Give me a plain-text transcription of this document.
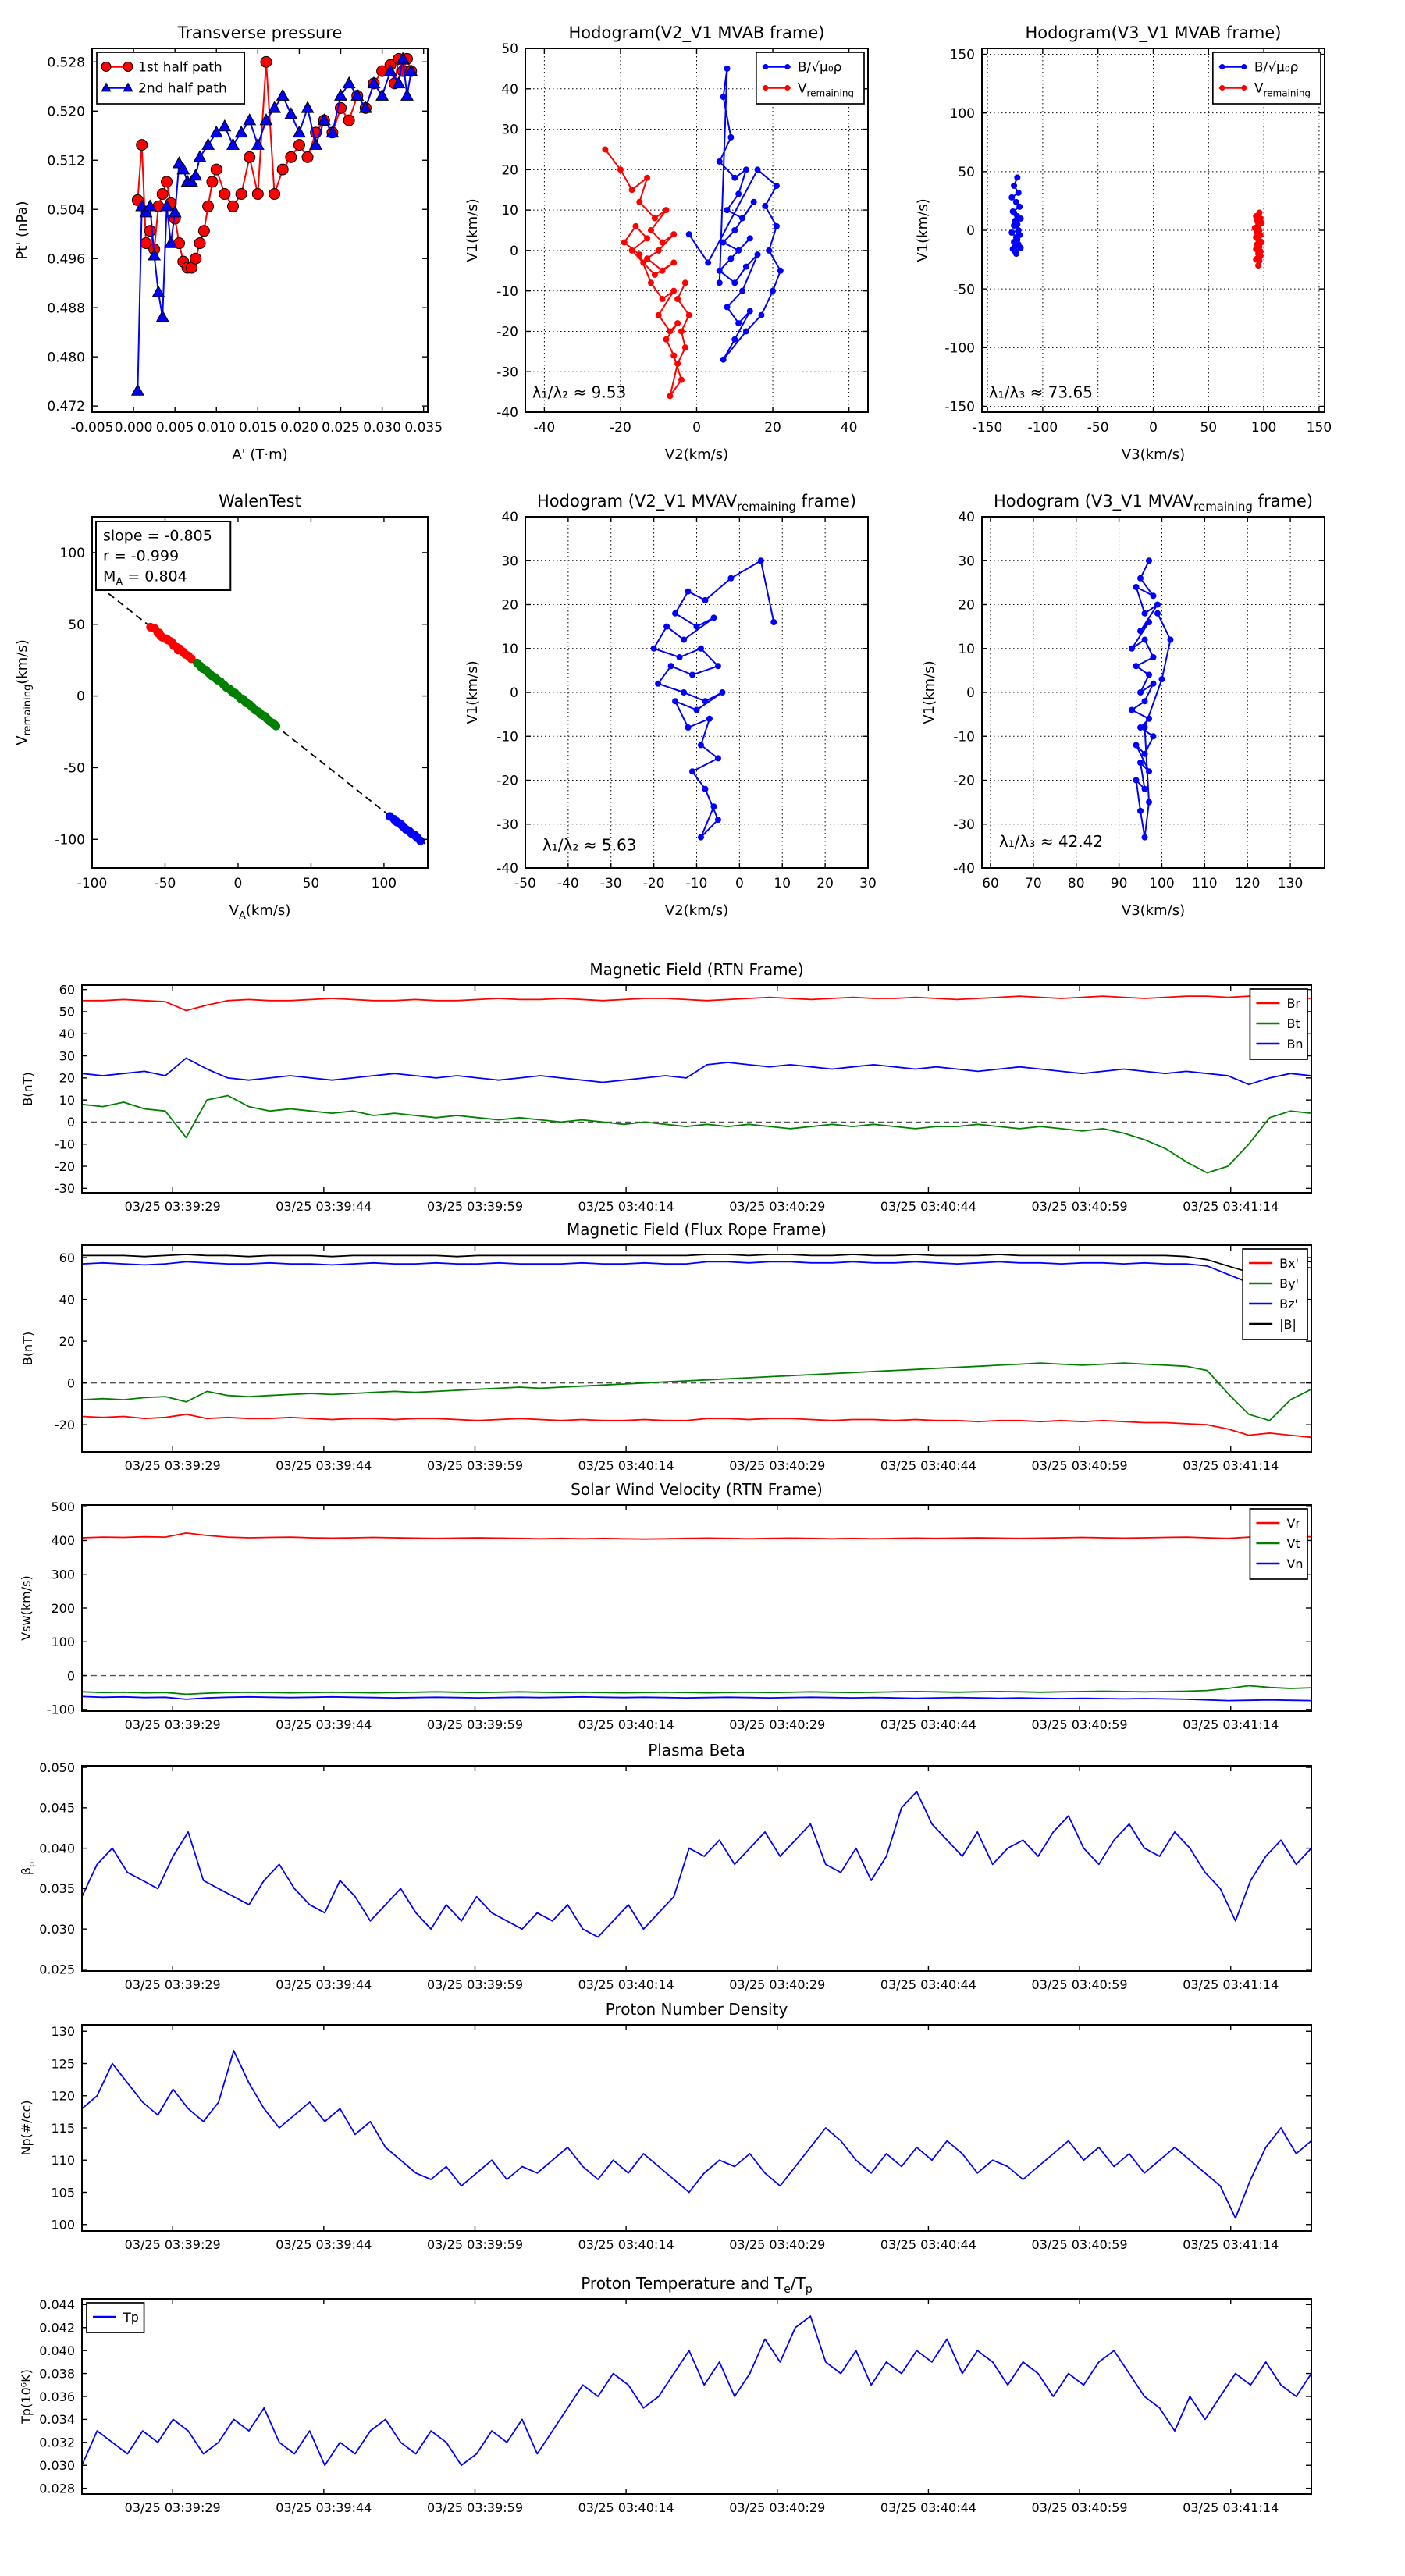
-0.005 0.000 0.005 0.010 0.015 0.020 0.025 0.030 0.035
0.472
0.480
0.488
0.496
0.504
0.512
0.520
0.528
Transverse pressure
A' (T·m)
Pt' (nPa)
1st half path
2nd half path
-40	-20	0	20	40
-40
-30
-20
-10
0
10
20
30
40
50
Hodogram(V2_V1 MVAB frame)
V2(km/s)
V1(km/s)
B/√μ₀ρ
$V_{remaining}$
λ₁/λ₂ ≈ 9.53
-150 -100 -50	0	50	100 150
-150
-100
-50
0
50
100
150
Hodogram(V3_V1 MVAB frame)
V3(km/s)
V1(km/s)
B/√μ₀ρ
$V_{remaining}$
λ₁/λ₃ ≈ 73.65
-100	-50	0	50	100
-100
-50
0
50
100
WalenTest
$V_A(km/s)$
$V_{remaining}(km/s)$
slope = -0.805
r = -0.999
$M_A = 0.804$
-50 -40 -30 -20 -10 0 10 20 30
-40
-30
-20
-10
0
10
20
30
40
Hodogram (V2_V1 $MVAV_{remaining}$ frame)
V2(km/s)
V1(km/s)
λ₁/λ₂ ≈ 5.63
60 70 80 90 100 110 120 130
-40
-30
-20
-10
0
10
20
30
40
Hodogram (V3_V1 $MVAV_{remaining}$ frame)
V3(km/s)
V1(km/s)
λ₁/λ₃ ≈ 42.42
03/25 03:39:29	03/25 03:39:44	03/25 03:39:59	03/25 03:40:14	03/25 03:40:29	03/25 03:40:44	03/25 03:40:59	03/25 03:41:14
-30
-20
-10
0
10
20
30
40
50
60
Magnetic Field (RTN Frame)
B(nT)
Br
Bt
Bn
03/25 03:39:29	03/25 03:39:44	03/25 03:39:59	03/25 03:40:14	03/25 03:40:29	03/25 03:40:44	03/25 03:40:59	03/25 03:41:14
-20
0
20
40
60
Magnetic Field (Flux Rope Frame)
B(nT)
Bx'
By'
Bz'
|B|
03/25 03:39:29	03/25 03:39:44	03/25 03:39:59	03/25 03:40:14	03/25 03:40:29	03/25 03:40:44	03/25 03:40:59	03/25 03:41:14
-100
0
100
200
300
400
500
Solar Wind Velocity (RTN Frame)
Vsw(km/s)
Vr
Vt
Vn
03/25 03:39:29	03/25 03:39:44	03/25 03:39:59	03/25 03:40:14	03/25 03:40:29	03/25 03:40:44	03/25 03:40:59	03/25 03:41:14
0.025
0.030
0.035
0.040
0.045
0.050
Plasma Beta
$\beta_p$
03/25 03:39:29	03/25 03:39:44	03/25 03:39:59	03/25 03:40:14	03/25 03:40:29	03/25 03:40:44	03/25 03:40:59	03/25 03:41:14
100
105
110
115
120
125
130
Proton Number Density
Np(#/cc)
03/25 03:39:29	03/25 03:39:44	03/25 03:39:59	03/25 03:40:14	03/25 03:40:29	03/25 03:40:44	03/25 03:40:59	03/25 03:41:14
0.028
0.030
0.032
0.034
0.036
0.038
0.040
0.042
0.044
Proton Temperature and $T_e/T_p$
Tp(10⁶K)
Tp
